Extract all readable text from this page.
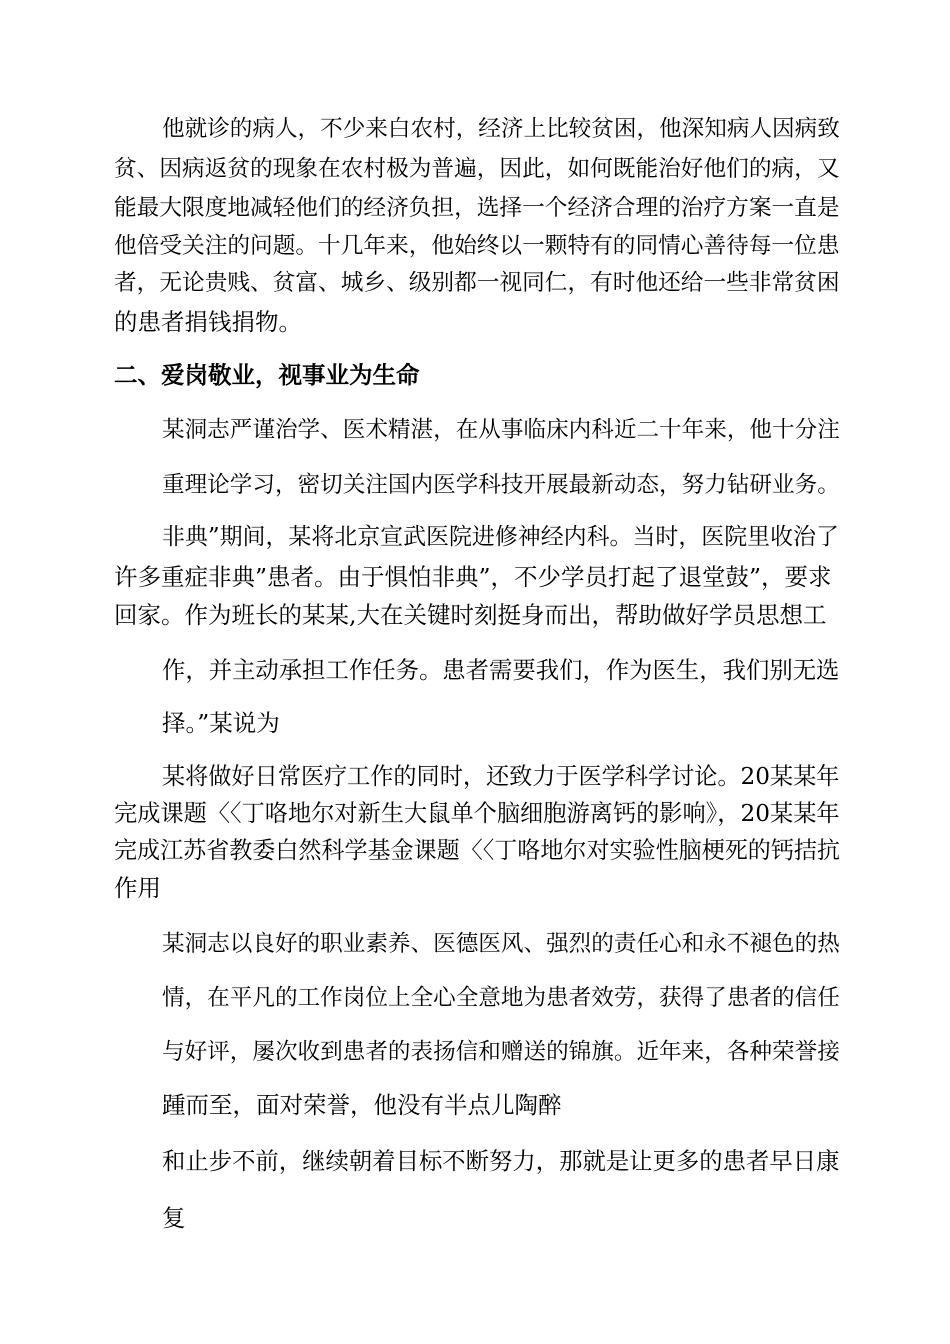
他就诊的病人，不少来白农村，经济上比较贫困，他深知病人因病致
贫、因病返贫的现象在农村极为普遍，因此，如何既能治好他们的病，又
能最大限度地减轻他们的经济负担，选择一个经济合理的治疗方案一直是
他倍受关注的问题。十几年来，他始终以一颗特有的同情心善待每一位患
者，无论贵贱、贫富、城乡、级别都一视同仁，有时他还给一些非常贫困
的患者捐钱捐物。
二、爱岗敬业，视事业为生命
某洞志严谨治学、医术精湛，在从事临床内科近二十年来，他十分注
重理论学习，密切关注国内医学科技开展最新动态，努力钻研业务。
非典”期间，某将北京宣武医院进修神经内科。当时，医院里收治了
许多重症非典”患者。由于惧怕非典”，不少学员打起了退堂鼓”，要求
回家。作为班长的某某,大在关键时刻挺身而出，帮助做好学员思想工
作，并主动承担工作任务。患者需要我们，作为医生，我们别无选
择。”某说为
某将做好日常医疗工作的同时，还致力于医学科学讨论。20某某年
完成课题〈〈丁咯地尔对新生大鼠单个脑细胞游离钙的影响》，20某某年
完成江苏省教委白然科学基金课题〈〈丁咯地尔对实验性脑梗死的钙拮抗
作用
某洞志以良好的职业素养、医德医风、强烈的责任心和永不褪色的热
情，在平凡的工作岗位上全心全意地为患者效劳，获得了患者的信任
与好评，屡次收到患者的表扬信和赠送的锦旗。近年来，各种荣誉接
踵而至，面对荣誉，他没有半点儿陶醉
和止步不前，继续朝着目标不断努力，那就是让更多的患者早日康
复
